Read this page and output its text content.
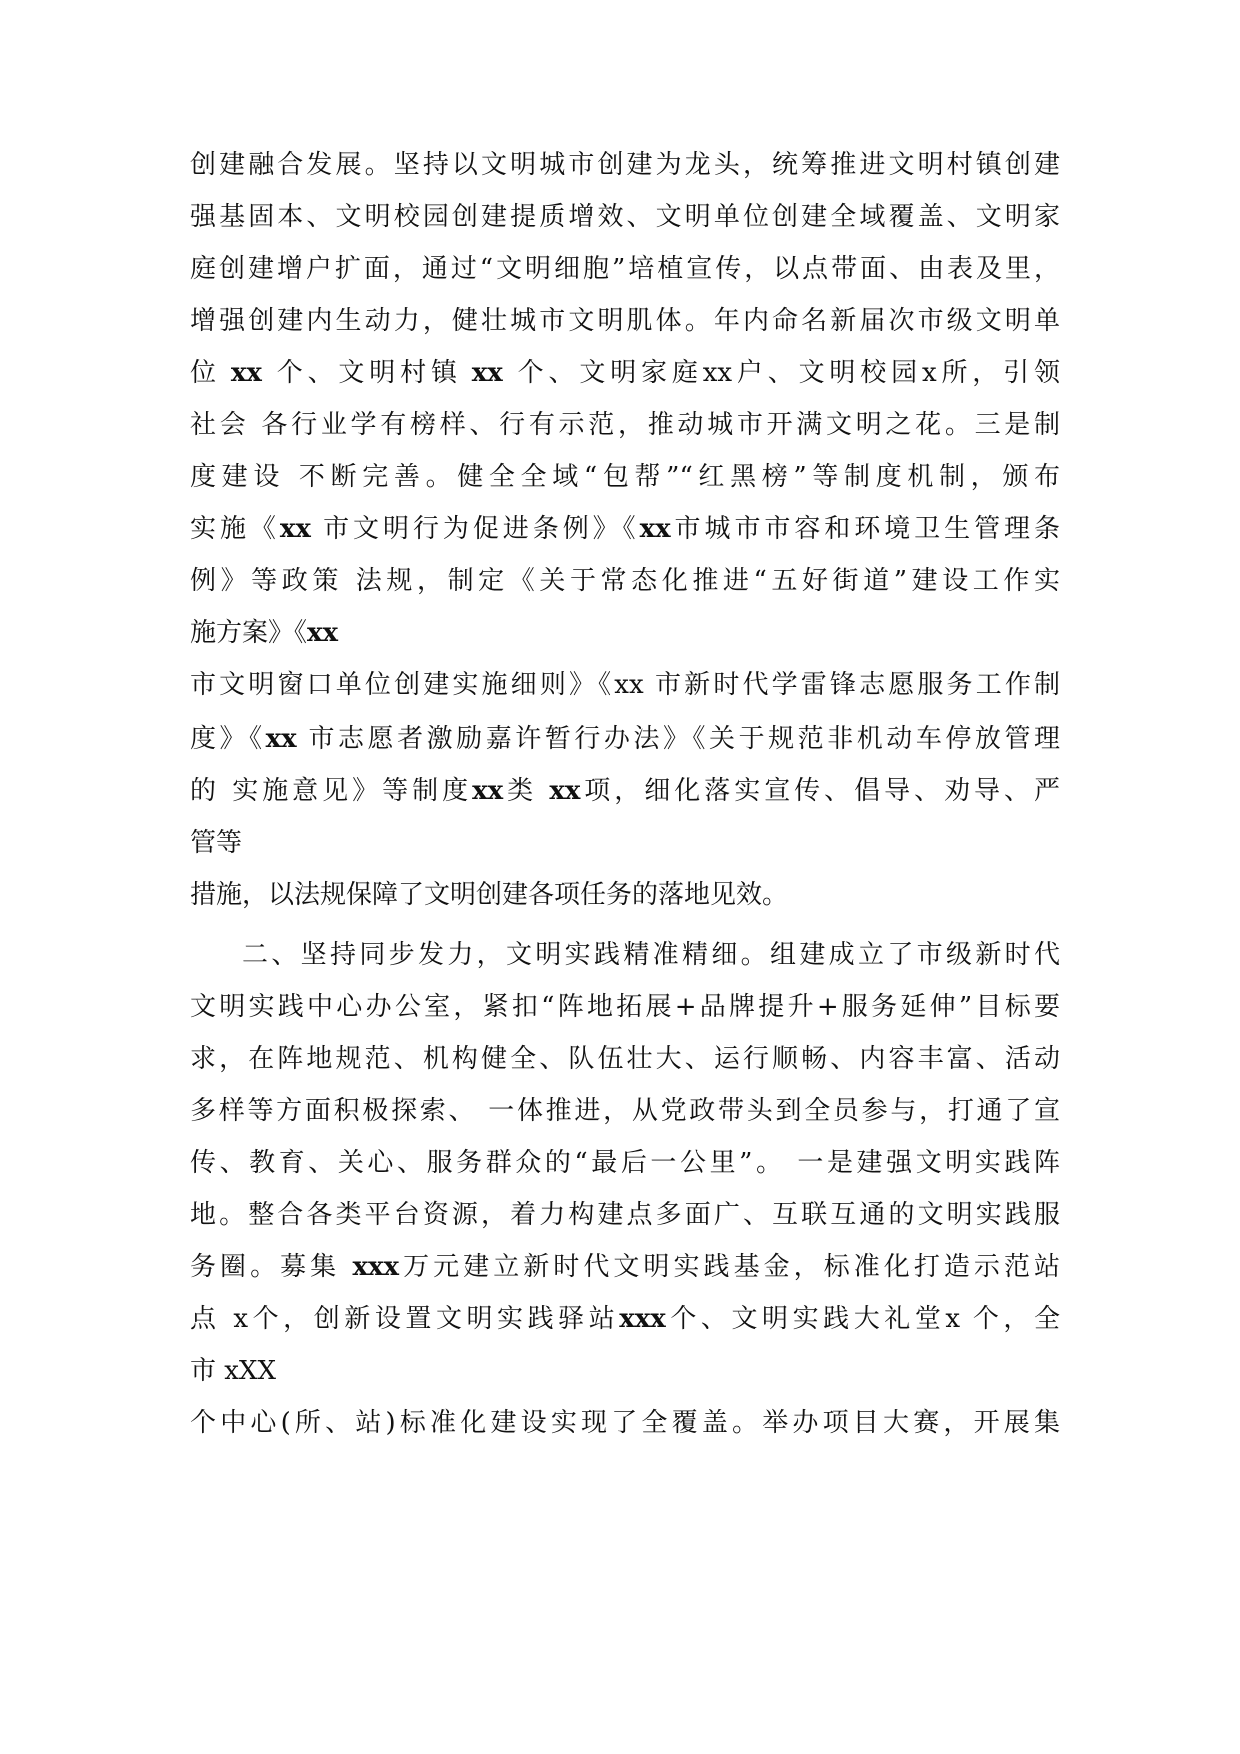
创建融合发展。坚持以文明城市创建为龙头，统筹推进文明村镇创建
强基固本、文明校园创建提质增效、文明单位创建全域覆盖、文明家
庭创建增户扩面，通过“文明细胞”培植宣传，以点带面、由表及里，
增强创建内生动力，健壮城市文明肌体。年内命名新届次市级文明单
位 xx 个、文明村镇 xx 个、文明家庭xx户、文明校园x所，引领
社会 各行业学有榜样、行有示范，推动城市开满文明之花。三是制
度建设 不断完善。健全全域“包帮”“红黑榜”等制度机制，颁布
实施《xx 市文明行为促进条例》《xx市城市市容和环境卫生管理条
例》等政策 法规，制定《关于常态化推进“五好街道”建设工作实
施方案》《xx
市文明窗口单位创建实施细则》《xx 市新时代学雷锋志愿服务工作制
度》《xx 市志愿者激励嘉许暂行办法》《关于规范非机动车停放管理
的 实施意见》等制度xx类 xx项，细化落实宣传、倡导、劝导、严
管等
措施，以法规保障了文明创建各项任务的落地见效。
二、坚持同步发力，文明实践精准精细。组建成立了市级新时代
文明实践中心办公室，紧扣“阵地拓展+品牌提升+服务延伸”目标要
求，在阵地规范、机构健全、队伍壮大、运行顺畅、内容丰富、活动
多样等方面积极探索、 一体推进，从党政带头到全员参与，打通了宣
传、教育、关心、服务群众的“最后一公里”。 一是建强文明实践阵
地。整合各类平台资源，着力构建点多面广、互联互通的文明实践服
务圈。募集 xxx万元建立新时代文明实践基金，标准化打造示范站
点 x个，创新设置文明实践驿站xxx个、文明实践大礼堂x 个，全
市 xXX
个中心(所、站)标准化建设实现了全覆盖。举办项目大赛，开展集
